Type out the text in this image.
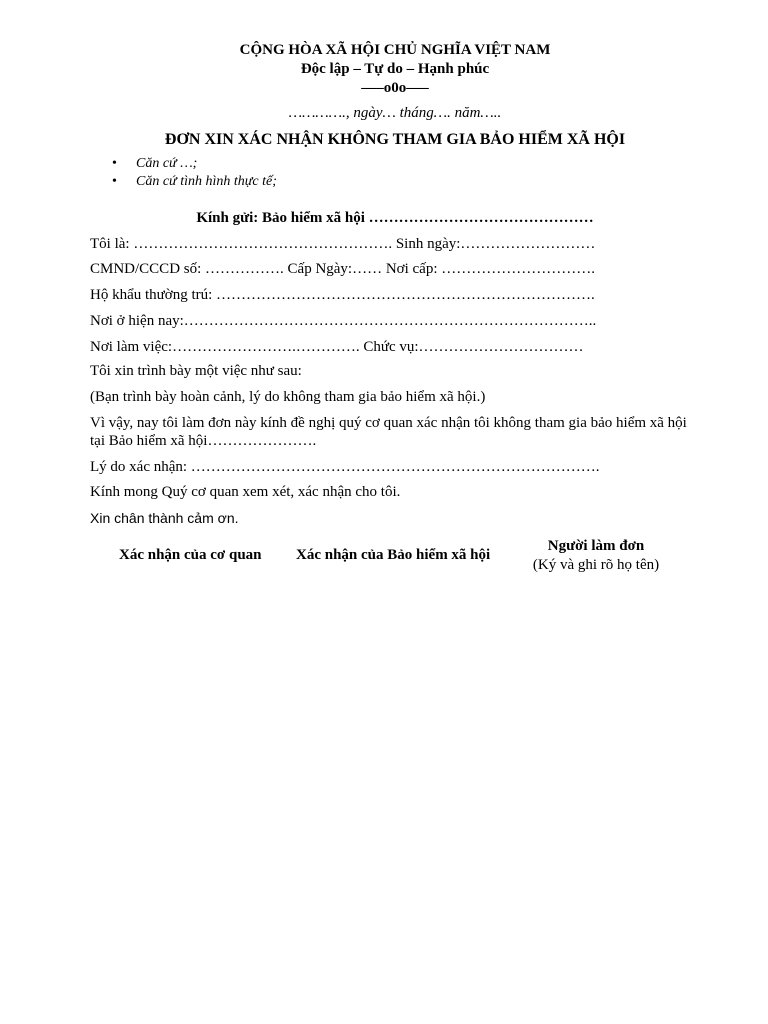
CỘNG HÒA XÃ HỘI CHỦ NGHĨA VIỆT NAM
Độc lập – Tự do – Hạnh phúc
—–o0o—–
…………., ngày… tháng…. năm…..
ĐƠN XIN XÁC NHẬN KHÔNG THAM GIA BẢO HIỂM XÃ HỘI
• Căn cứ …;
• Căn cứ tình hình thực tế;
Kính gửi: Bảo hiểm xã hội ………………………………………
Tôi là: ……………………………………………. Sinh ngày:………………………
CMND/CCCD số: ……………. Cấp Ngày:…… Nơi cấp: ………………………….
Hộ khẩu thường trú: ………………………………………………………………….
Nơi ở hiện nay:………………………………………………………………………..
Nơi làm việc:…………………….…………. Chức vụ:……………………………
Tôi xin trình bày một việc như sau:
(Bạn trình bày hoàn cảnh, lý do không tham gia bảo hiểm xã hội.)
Vì vậy, nay tôi làm đơn này kính đề nghị quý cơ quan xác nhận tôi không tham gia bảo hiểm xã hội tại Bảo hiểm xã hội………………….
Lý do xác nhận: ……………………………………………………………………….
Kính mong Quý cơ quan xem xét, xác nhận cho tôi.
Xin chân thành cảm ơn.
Xác nhận của cơ quan Xác nhận của Bảo hiểm xã hội
Người làm đơn
(Ký và ghi rõ họ tên)
